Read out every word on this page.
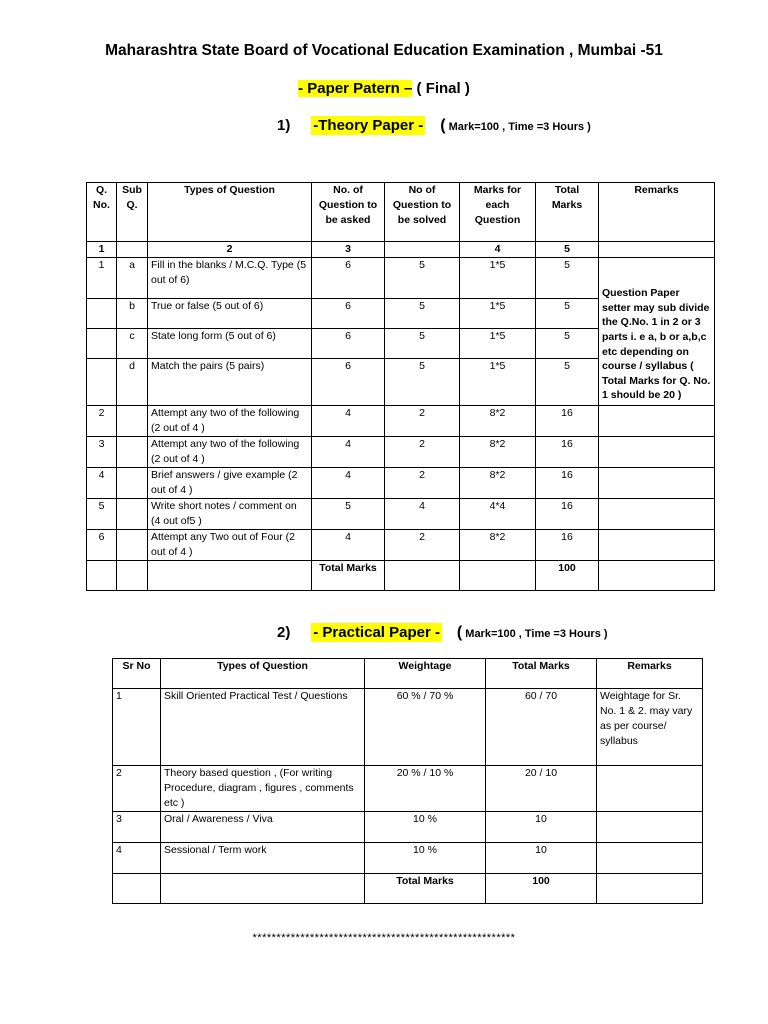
Maharashtra State Board of Vocational Education Examination , Mumbai -51
- Paper Patern – ( Final )
1) -Theory Paper - ( Mark=100 , Time =3 Hours )
Q. No.	Sub Q.	Types of Question	No. of Question to be asked	No of Question to be solved	Marks for each Question	Total Marks	Remarks
1		2	3		4	5	
1	a	Fill in the blanks / M.C.Q. Type (5 out of 6)	6	5	1*5	5	Question Paper setter may sub divide the Q.No. 1 in 2 or 3 parts i. e a, b or a,b,c etc depending on course / syllabus ( Total Marks for Q. No. 1 should be 20 )
	b	True or false (5 out of 6)	6	5	1*5	5	
	c	State long form (5 out of 6)	6	5	1*5	5	
	d	Match the pairs (5 pairs)	6	5	1*5	5	
2		Attempt any two of the following (2 out of 4 )	4	2	8*2	16	
3		Attempt any two of the following (2 out of 4 )	4	2	8*2	16	
4		Brief answers / give example (2 out of 4 )	4	2	8*2	16	
5		Write short notes / comment on (4 out of5 )	5	4	4*4	16	
6		Attempt any Two out of Four (2 out of 4 )	4	2	8*2	16	
			Total Marks			100	
2) - Practical Paper - ( Mark=100 , Time =3 Hours )
Sr No	Types of Question	Weightage	Total Marks	Remarks
1	Skill Oriented Practical Test / Questions	60 % / 70 %	60 / 70	Weightage for Sr. No. 1 & 2. may vary as per course/ syllabus
2	Theory based question , (For writing Procedure, diagram , figures , comments etc )	20 % / 10 %	20 / 10	
3	Oral / Awareness / Viva	10 %	10	
4	Sessional / Term work	10 %	10	
		Total Marks	100	
*******************************************************
